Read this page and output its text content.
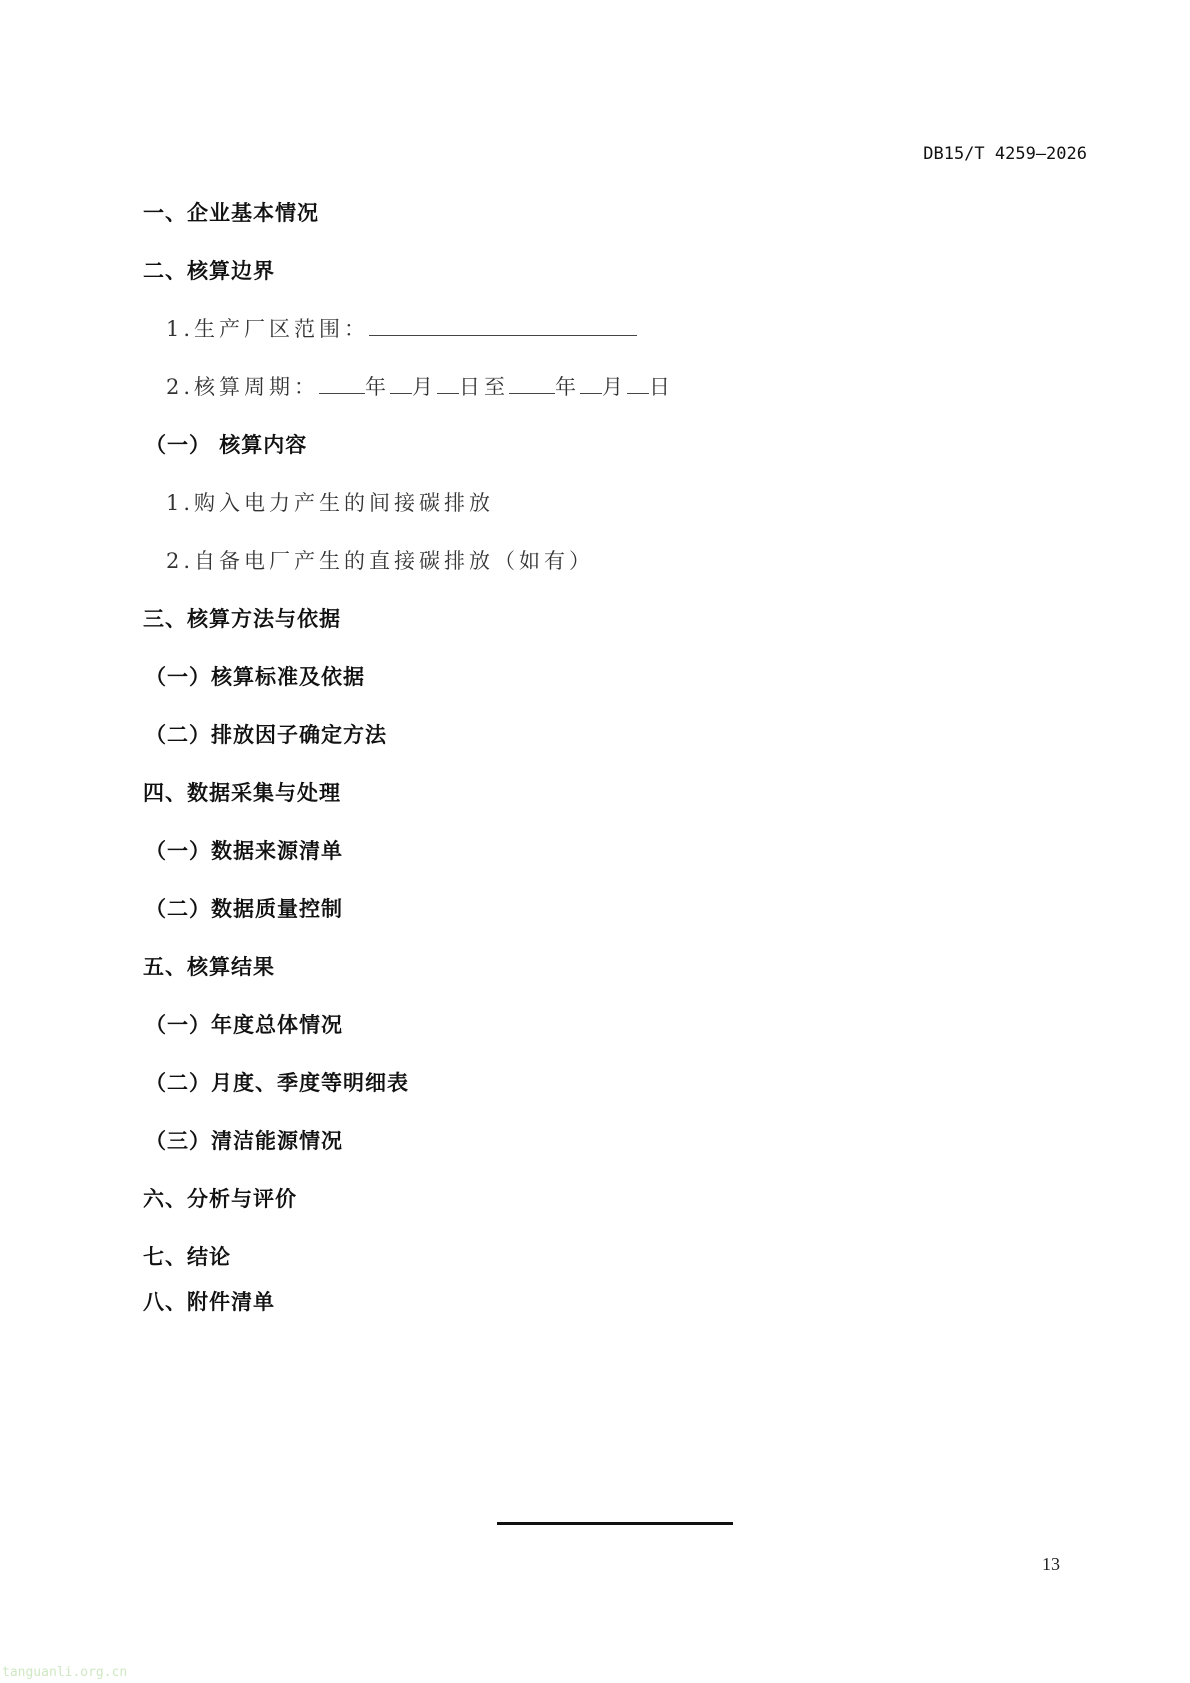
DB15/T 4259—2026
一、企业基本情况
二、核算边界
1.生产厂区范围：
2.核算周期： 年 月 日至 年 月 日
（一） 核算内容
1.购入电力产生的间接碳排放
2.自备电厂产生的直接碳排放（如有）
三、核算方法与依据
（一）核算标准及依据
（二）排放因子确定方法
四、数据采集与处理
（一）数据来源清单
（二）数据质量控制
五、核算结果
（一）年度总体情况
（二）月度、季度等明细表
（三）清洁能源情况
六、分析与评价
七、结论
八、附件清单
13
tanguanli.org.cn
